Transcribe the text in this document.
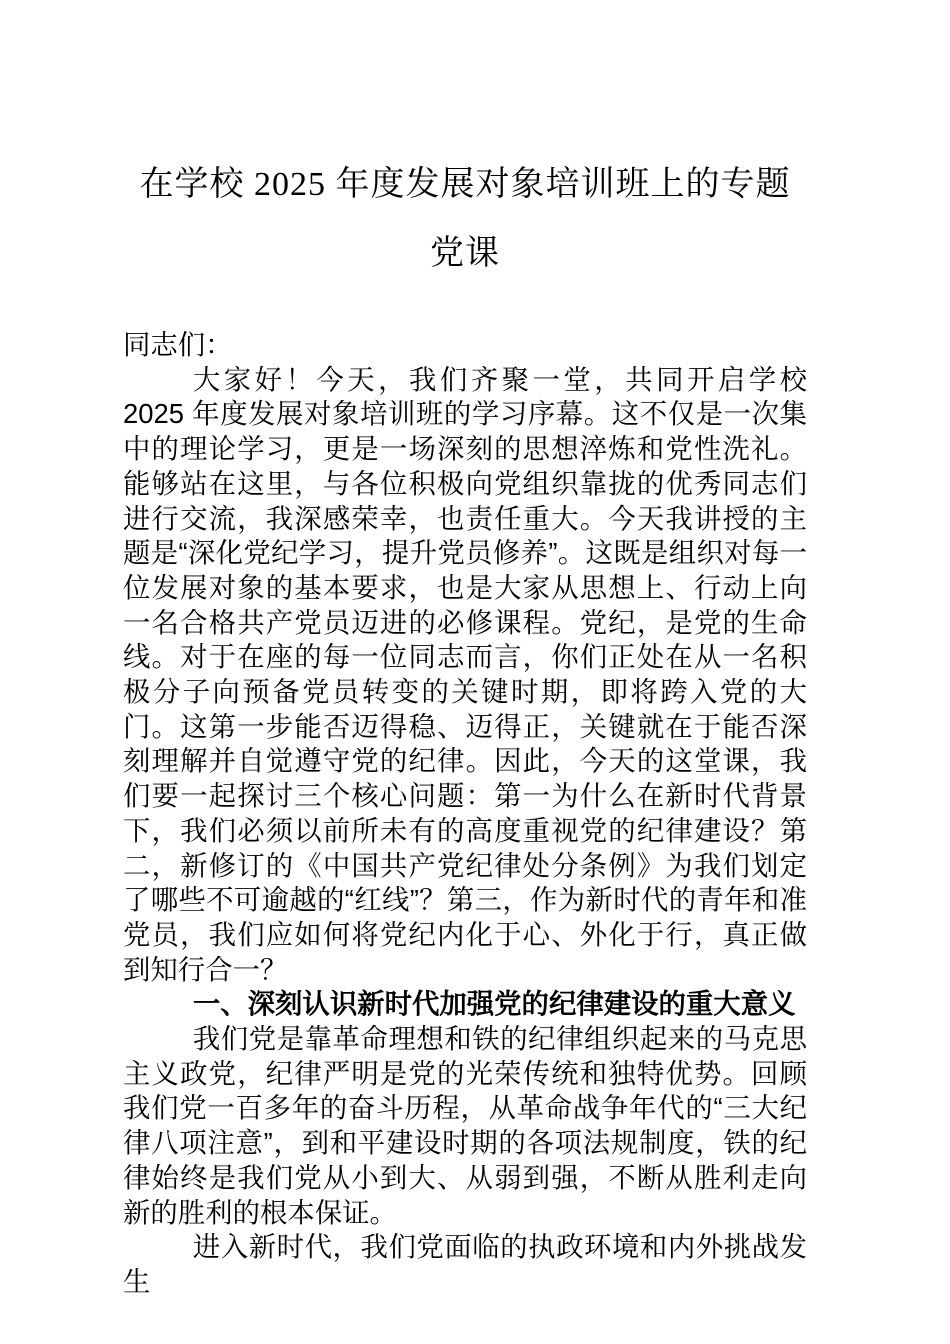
在学校 2025 年度发展对象培训班上的专题党课

同志们：

大家好！今天，我们齐聚一堂，共同开启学校 2025 年度发展对象培训班的学习序幕。这不仅是一次集中的理论学习，更是一场深刻的思想淬炼和党性洗礼。能够站在这里，与各位积极向党组织靠拢的优秀同志们进行交流，我深感荣幸，也责任重大。今天我讲授的主题是“深化党纪学习，提升党员修养”。这既是组织对每一位发展对象的基本要求，也是大家从思想上、行动上向一名合格共产党员迈进的必修课程。党纪，是党的生命线。对于在座的每一位同志而言，你们正处在从一名积极分子向预备党员转变的关键时期，即将跨入党的大门。这第一步能否迈得稳、迈得正，关键就在于能否深刻理解并自觉遵守党的纪律。因此，今天的这堂课，我们要一起探讨三个核心问题：第一为什么在新时代背景下，我们必须以前所未有的高度重视党的纪律建设？第二，新修订的《中国共产党纪律处分条例》为我们划定了哪些不可逾越的“红线”？第三，作为新时代的青年和准党员，我们应如何将党纪内化于心、外化于行，真正做到知行合一？

一、深刻认识新时代加强党的纪律建设的重大意义

我们党是靠革命理想和铁的纪律组织起来的马克思主义政党，纪律严明是党的光荣传统和独特优势。回顾我们党一百多年的奋斗历程，从革命战争年代的“三大纪律八项注意”，到和平建设时期的各项法规制度，铁的纪律始终是我们党从小到大、从弱到强，不断从胜利走向新的胜利的根本保证。

进入新时代，我们党面临的执政环境和内外挑战发生
